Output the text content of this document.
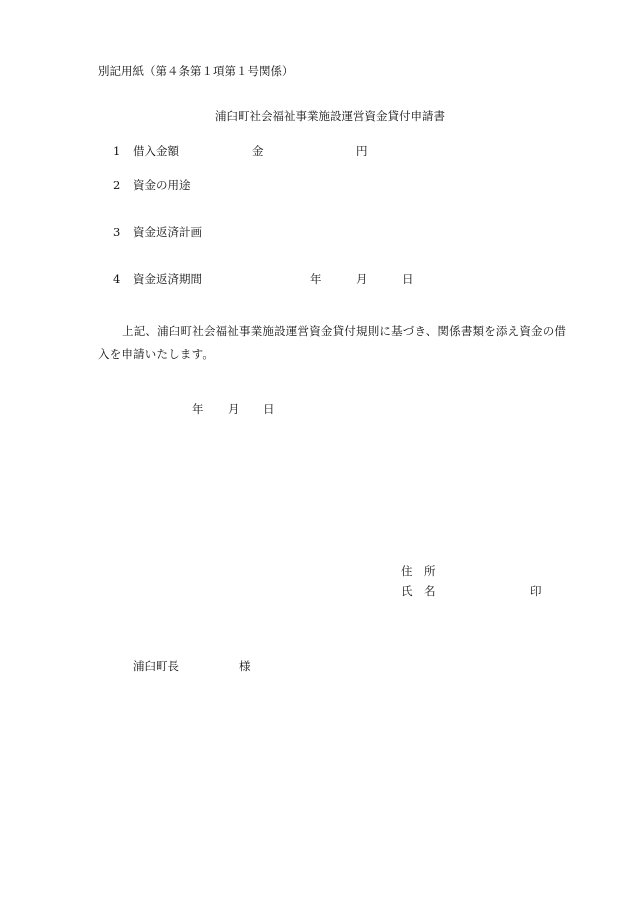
別記用紙（第４条第１項第１号関係）
浦臼町社会福祉事業施設運営資金貸付申請書
1 借入金額	金	円
2 資金の用途
3 資金返済計画
4 資金返済期間	年	月	日
上記、浦臼町社会福祉事業施設運営資金貸付規則に基づき、関係書類を添え資金の借入を申請いたします。
年 月 日
住　所
氏　名	印
浦臼町長	様
